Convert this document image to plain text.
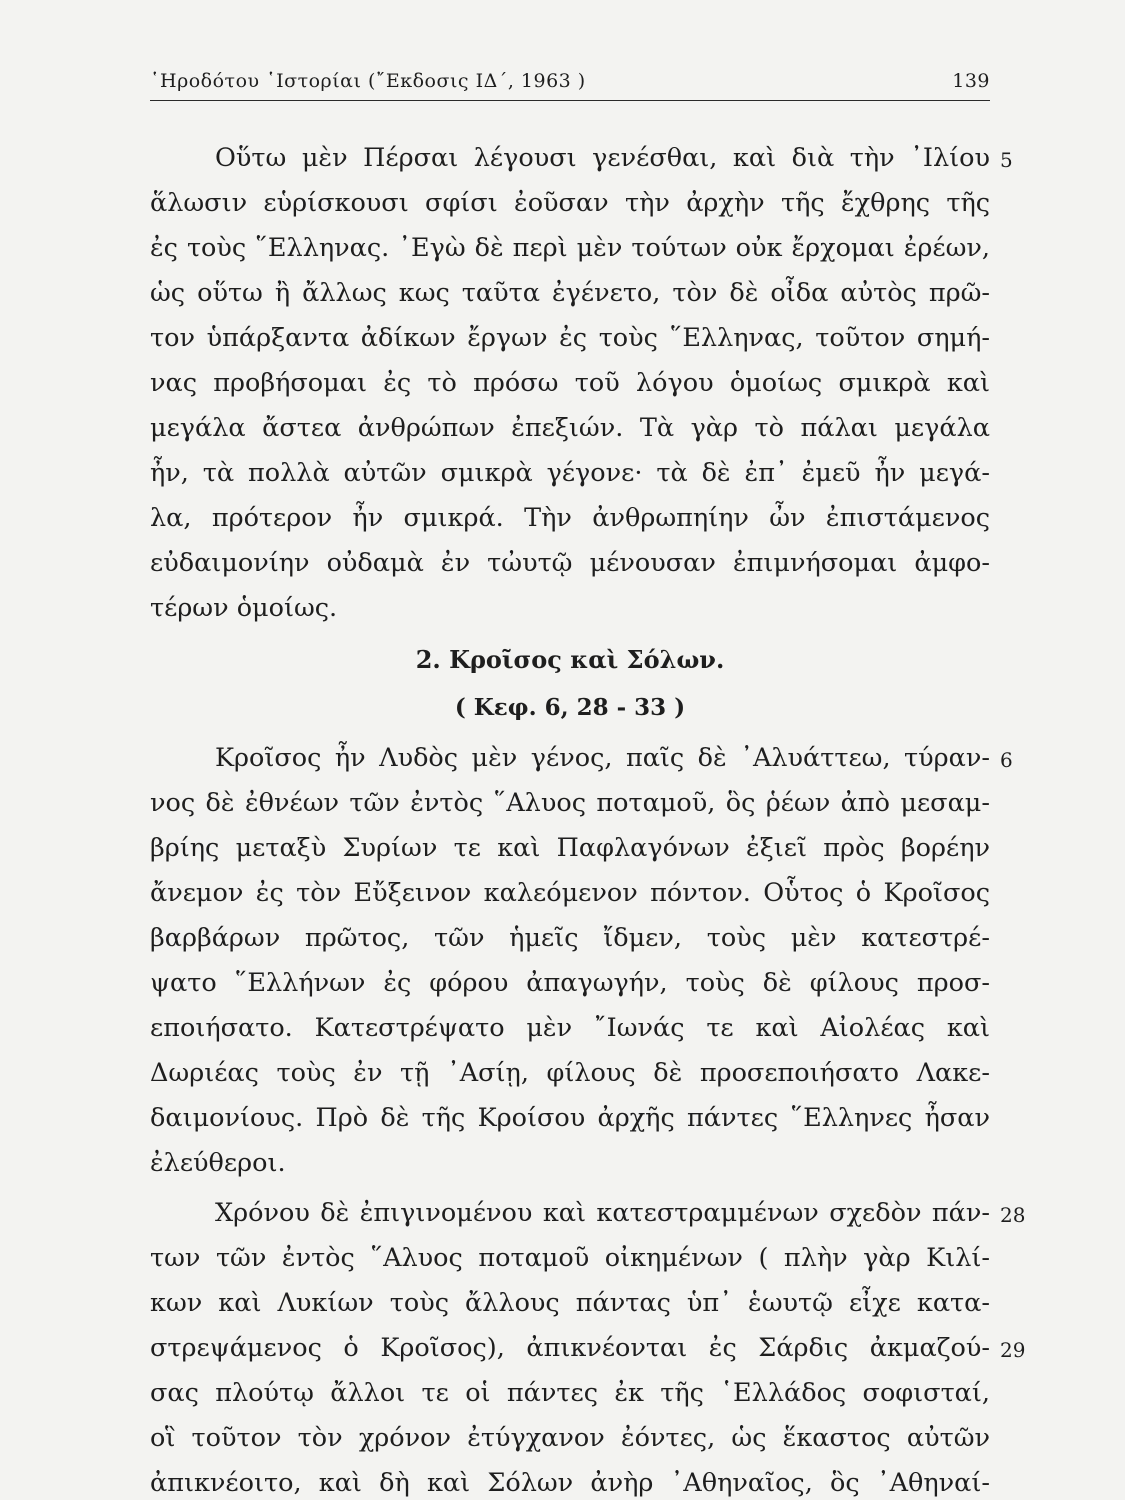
῾Ηροδότου ῾Ιστορίαι (῎Εκδοσις ΙΔ΄, 1963 )	139
Οὕτω μὲν Πέρσαι λέγουσι γενέσθαι, καὶ διὰ τὴν ᾽Ιλίου
ἅλωσιν εὑρίσκουσι σφίσι ἐοῦσαν τὴν ἀρχὴν τῆς ἔχθρης τῆς
ἐς τοὺς ῞Ελληνας. ᾽Εγὼ δὲ περὶ μὲν τούτων οὐκ ἔρχομαι ἐρέων,
ὡς οὕτω ἢ ἄλλως κως ταῦτα ἐγένετο, τὸν δὲ οἶδα αὐτὸς πρῶ-
τον ὑπάρξαντα ἀδίκων ἔργων ἐς τοὺς ῞Ελληνας, τοῦτον σημή-
νας προβήσομαι ἐς τὸ πρόσω τοῦ λόγου ὁμοίως σμικρὰ καὶ
μεγάλα ἄστεα ἀνθρώπων ἐπεξιών. Τὰ γὰρ τὸ πάλαι μεγάλα
ἦν, τὰ πολλὰ αὐτῶν σμικρὰ γέγονε· τὰ δὲ ἐπ᾽ ἐμεῦ ἦν μεγά-
λα, πρότερον ἦν σμικρά. Τὴν ἀνθρωπηίην ὦν ἐπιστάμενος
εὐδαιμονίην οὐδαμὰ ἐν τὠυτῷ μένουσαν ἐπιμνήσομαι ἀμφο-
τέρων ὁμοίως.
2. Κροῖσος καὶ Σόλων.
( Κεφ. 6, 28 - 33 )
Κροῖσος ἦν Λυδὸς μὲν γένος, παῖς δὲ ᾽Αλυάττεω, τύραν-
νος δὲ ἐθνέων τῶν ἐντὸς ῞Αλυος ποταμοῦ, ὃς ῥέων ἀπὸ μεσαμ-
βρίης μεταξὺ Συρίων τε καὶ Παφλαγόνων ἐξιεῖ πρὸς βορέην
ἄνεμον ἐς τὸν Εὔξεινον καλεόμενον πόντον. Οὗτος ὁ Κροῖσος
βαρβάρων πρῶτος, τῶν ἡμεῖς ἴδμεν, τοὺς μὲν κατεστρέ-
ψατο ῞Ελλήνων ἐς φόρου ἀπαγωγήν, τοὺς δὲ φίλους προσ-
εποιήσατο. Κατεστρέψατο μὲν ῎Ιωνάς τε καὶ Αἰολέας καὶ
Δωριέας τοὺς ἐν τῇ ᾽Ασίῃ, φίλους δὲ προσεποιήσατο Λακε-
δαιμονίους. Πρὸ δὲ τῆς Κροίσου ἀρχῆς πάντες ῞Ελληνες ἦσαν
ἐλεύθεροι.
Χρόνου δὲ ἐπιγινομένου καὶ κατεστραμμένων σχεδὸν πάν-
των τῶν ἐντὸς ῞Αλυος ποταμοῦ οἰκημένων ( πλὴν γὰρ Κιλί-
κων καὶ Λυκίων τοὺς ἄλλους πάντας ὑπ᾽ ἑωυτῷ εἶχε κατα-
στρεψάμενος ὁ Κροῖσος), ἀπικνέονται ἐς Σάρδις ἀκμαζού-
σας πλούτῳ ἄλλοι τε οἱ πάντες ἐκ τῆς ῾Ελλάδος σοφισταί,
οἳ τοῦτον τὸν χρόνον ἐτύγχανον ἐόντες, ὡς ἕκαστος αὐτῶν
ἀπικνέοιτο, καὶ δὴ καὶ Σόλων ἀνὴρ ᾽Αθηναῖος, ὃς ᾽Αθηναί-
5
6
28
29
